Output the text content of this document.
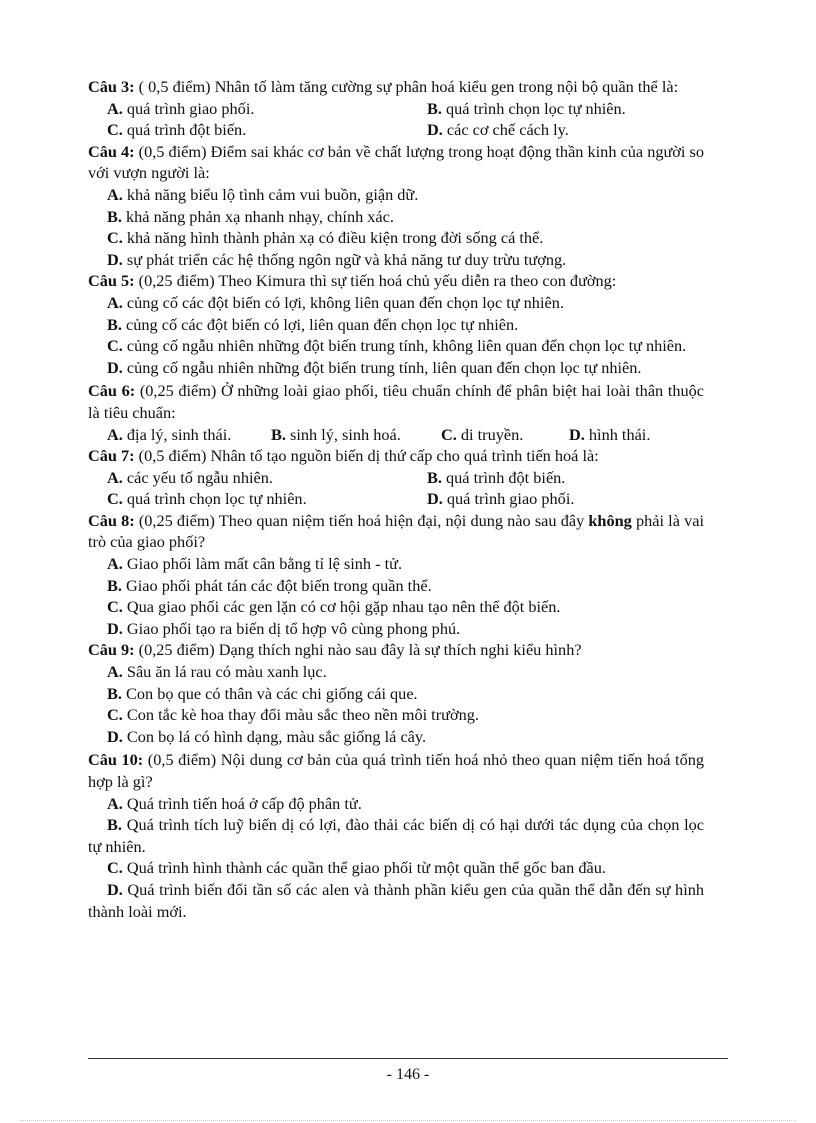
Câu 3: ( 0,5 điểm) Nhân tố làm tăng cường sự phân hoá kiểu gen trong nội bộ quần thể là:

A. quá trình giao phối.	B. quá trình chọn lọc tự nhiên.
C. quá trình đột biến.	D. các cơ chế cách ly.

Câu 4: (0,5 điểm) Điểm sai khác cơ bản về chất lượng trong hoạt động thần kinh của người so với vượn người là:

A. khả năng biểu lộ tình cảm vui buồn, giận dữ.

B. khả năng phản xạ nhanh nhạy, chính xác.

C. khả năng hình thành phản xạ có điều kiện trong đời sống cá thể.

D. sự phát triển các hệ thống ngôn ngữ và khả năng tư duy trừu tượng.

Câu 5: (0,25 điểm) Theo Kimura thì sự tiến hoá chủ yếu diễn ra theo con đường:

A. củng cố các đột biến có lợi, không liên quan đến chọn lọc tự nhiên.

B. củng cố các đột biến có lợi, liên quan đến chọn lọc tự nhiên.

C. củng cố ngẫu nhiên những đột biến trung tính, không liên quan đến chọn lọc tự nhiên.

D. củng cố ngẫu nhiên những đột biến trung tính, liên quan đến chọn lọc tự nhiên.

Câu 6: (0,25 điểm) Ở những loài giao phối, tiêu chuẩn chính để phân biệt hai loài thân thuộc là tiêu chuẩn:

A. địa lý, sinh thái.	B. sinh lý, sinh hoá.	C. di truyền.	D. hình thái.

Câu 7: (0,5 điểm) Nhân tố tạo nguồn biến dị thứ cấp cho quá trình tiến hoá là:

A. các yếu tố ngẫu nhiên.	B. quá trình đột biến.
C. quá trình chọn lọc tự nhiên.	D. quá trình giao phối.

Câu 8: (0,25 điểm) Theo quan niệm tiến hoá hiện đại, nội dung nào sau đây không phải là vai trò của giao phối?

A. Giao phối làm mất cân bằng tỉ lệ sinh - tử.

B. Giao phối phát tán các đột biến trong quần thể.

C. Qua giao phối các gen lặn có cơ hội gặp nhau tạo nên thể đột biến.

D. Giao phối tạo ra biến dị tổ hợp vô cùng phong phú.

Câu 9: (0,25 điểm) Dạng thích nghi nào sau đây là sự thích nghi kiểu hình?

A. Sâu ăn lá rau có màu xanh lục.

B. Con bọ que có thân và các chi giống cái que.

C. Con tắc kè hoa thay đổi màu sắc theo nền môi trường.

D. Con bọ lá có hình dạng, màu sắc giống lá cây.

Câu 10: (0,5 điểm) Nội dung cơ bản của quá trình tiến hoá nhỏ theo quan niệm tiến hoá tổng hợp là gì?

A. Quá trình tiến hoá ở cấp độ phân tử.

B. Quá trình tích luỹ biến dị có lợi, đào thải các biến dị có hại dưới tác dụng của chọn lọc tự nhiên.

C. Quá trình hình thành các quần thể giao phối từ một quần thể gốc ban đầu.

D. Quá trình biến đổi tần số các alen và thành phần kiểu gen của quần thể dẫn đến sự hình thành loài mới.

- 146 -
